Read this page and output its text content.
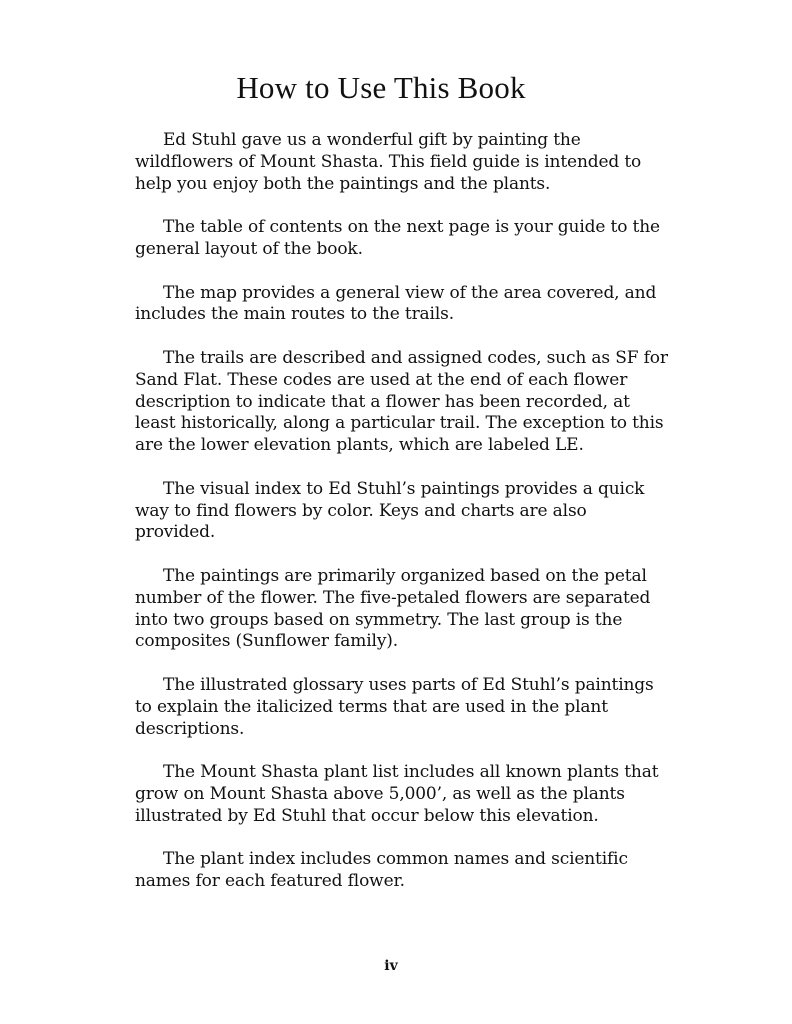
How to Use This Book

Ed Stuhl gave us a wonderful gift by painting the wildflowers of Mount Shasta. This field guide is intended to help you enjoy both the paintings and the plants.

The table of contents on the next page is your guide to the general layout of the book.

The map provides a general view of the area covered, and includes the main routes to the trails.

The trails are described and assigned codes, such as SF for Sand Flat. These codes are used at the end of each flower description to indicate that a flower has been recorded, at least historically, along a particular trail. The exception to this are the lower elevation plants, which are labeled LE.

The visual index to Ed Stuhl’s paintings provides a quick way to find flowers by color. Keys and charts are also provided.

The paintings are primarily organized based on the petal number of the flower. The five-petaled flowers are separated into two groups based on symmetry. The last group is the composites (Sunflower family).

The illustrated glossary uses parts of Ed Stuhl’s paintings to explain the italicized terms that are used in the plant descriptions.

The Mount Shasta plant list includes all known plants that grow on Mount Shasta above 5,000’, as well as the plants illustrated by Ed Stuhl that occur below this elevation.

The plant index includes common names and scientific names for each featured flower.

iv
